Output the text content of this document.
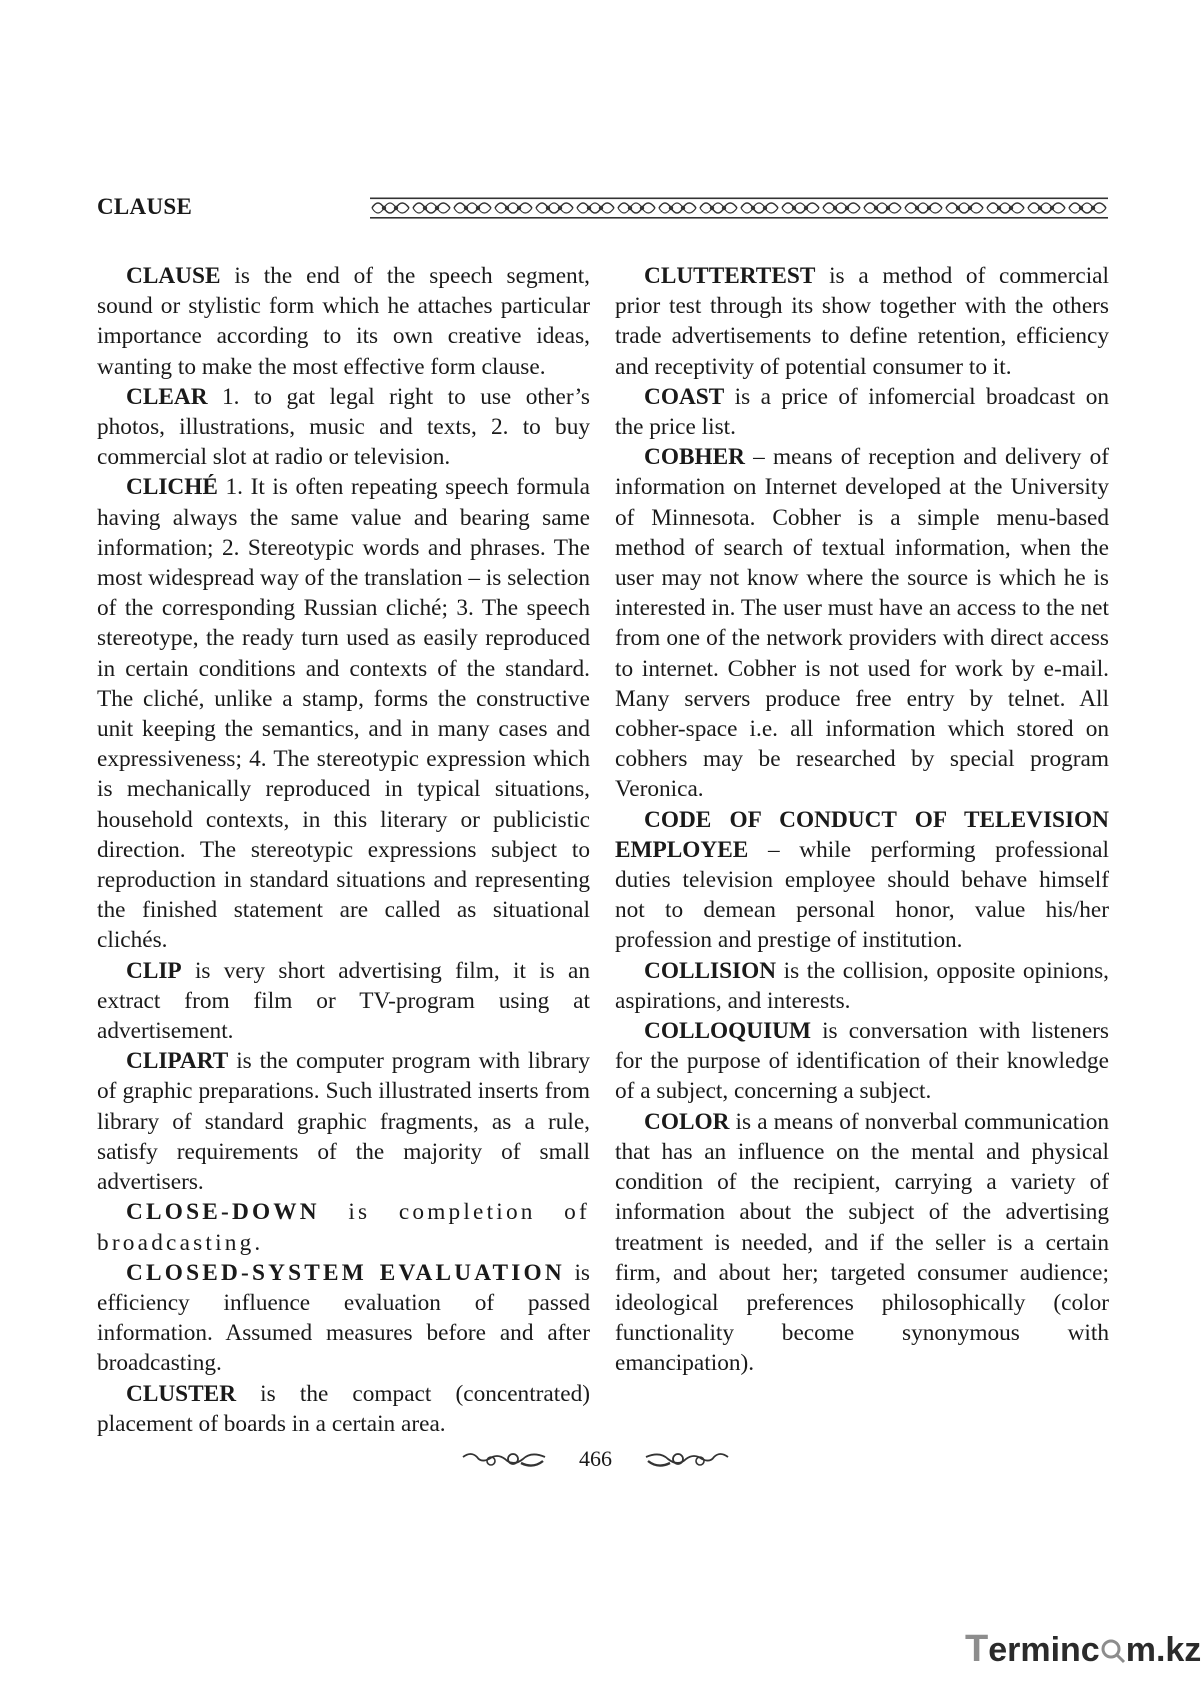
CLAUSE

CLAUSE is the end of the speech segment, sound or stylistic form which he attaches particular importance according to its own creative ideas, wanting to make the most effective form clause.

CLEAR 1. to gat legal right to use other’s photos, illustrations, music and texts, 2. to buy commercial slot at radio or television.

CLICHÉ 1. It is often repeating speech formula having always the same value and bearing same information; 2. Stereotypic words and phrases. The most widespread way of the translation – is selection of the corresponding Russian cliché; 3. The speech stereotype, the ready turn used as easily reproduced in certain conditions and contexts of the standard. The cliché, unlike a stamp, forms the constructive unit keeping the semantics, and in many cases and expressiveness; 4. The stereotypic expression which is mechanically reproduced in typical situations, household contexts, in this literary or publicistic direction. The stereotypic expressions subject to reproduction in standard situations and representing the finished statement are called as situational clichés.

CLIP is very short advertising film, it is an extract from film or TV-program using at advertisement.

CLIPART is the computer program with library of graphic preparations. Such illustrated inserts from library of standard graphic fragments, as a rule, satisfy requirements of the majority of small advertisers.

CLOSE-DOWN is completion of broadcasting.

CLOSED-SYSTEM EVALUATION is efficiency influence evaluation of passed information. Assumed measures before and after broadcasting.

CLUSTER is the compact (concentrated) placement of boards in a certain area.

CLUTTERTEST is a method of commercial prior test through its show together with the others trade advertisements to define retention, efficiency and receptivity of potential consumer to it.

COAST is a price of infomercial broadcast on the price list.

COBHER – means of reception and delivery of information on Internet developed at the University of Minnesota. Cobher is a simple menu-based method of search of textual information, when the user may not know where the source is which he is interested in. The user must have an access to the net from one of the network providers with direct access to internet. Cobher is not used for work by e-mail. Many servers produce free entry by telnet. All cobher-space i.e. all information which stored on cobhers may be researched by special program Veronica.

CODE OF CONDUCT OF TELEVISION EMPLOYEE – while performing professional duties television employee should behave himself not to demean personal honor, value his/her profession and prestige of institution.

COLLISION is the collision, opposite opinions, aspirations, and interests.

COLLOQUIUM is conversation with listeners for the purpose of identification of their knowledge of a subject, concerning a subject.

COLOR is a means of nonverbal communication that has an influence on the mental and physical condition of the recipient, carrying a variety of information about the subject of the advertising treatment is needed, and if the seller is a certain firm, and about her; targeted consumer audience; ideological preferences philosophically (color functionality become synonymous with emancipation).

466
Terminc m.kz
